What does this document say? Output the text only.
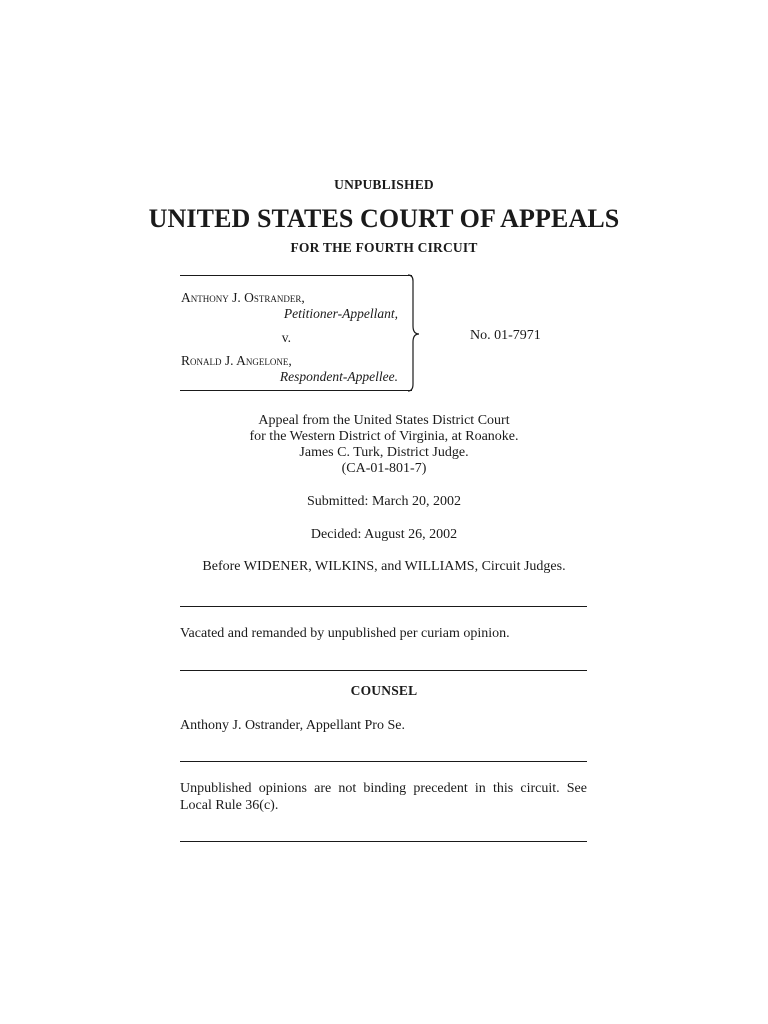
UNPUBLISHED
UNITED STATES COURT OF APPEALS
FOR THE FOURTH CIRCUIT
Anthony J. Ostrander,
Petitioner-Appellant,
v.
Ronald J. Angelone,
Respondent-Appellee.
No. 01-7971
Appeal from the United States District Court
for the Western District of Virginia, at Roanoke.
James C. Turk, District Judge.
(CA-01-801-7)
Submitted: March 20, 2002
Decided: August 26, 2002
Before WIDENER, WILKINS, and WILLIAMS, Circuit Judges.
Vacated and remanded by unpublished per curiam opinion.
COUNSEL
Anthony J. Ostrander, Appellant Pro Se.
Unpublished opinions are not binding precedent in this circuit. See Local Rule 36(c).
